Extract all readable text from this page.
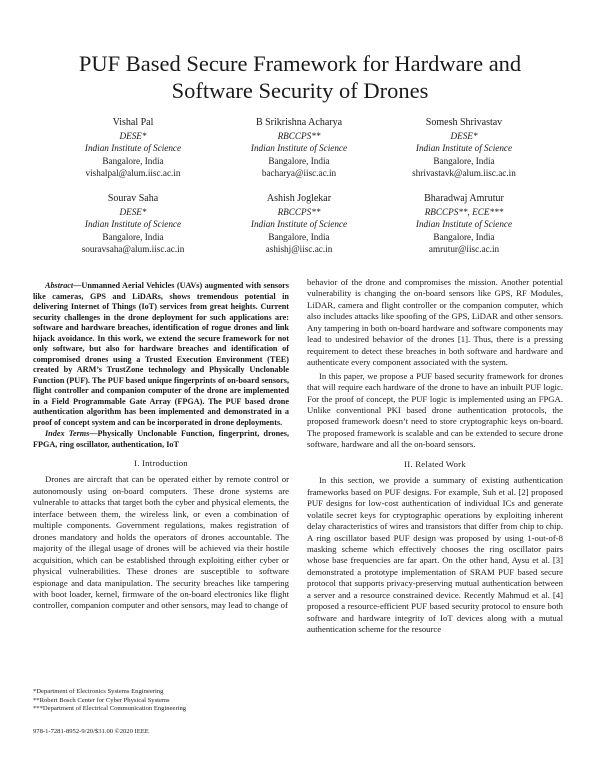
PUF Based Secure Framework for Hardware and
Software Security of Drones
Vishal Pal
DESE*
Indian Institute of Science
Bangalore, India
vishalpal@alum.iisc.ac.in
B Srikrishna Acharya
RBCCPS**
Indian Institute of Science
Bangalore, India
bacharya@iisc.ac.in
Somesh Shrivastav
DESE*
Indian Institute of Science
Bangalore, India
shrivastavk@alum.iisc.ac.in
Sourav Saha
DESE*
Indian Institute of Science
Bangalore, India
souravsaha@alum.iisc.ac.in
Ashish Joglekar
RBCCPS**
Indian Institute of Science
Bangalore, India
ashishj@iisc.ac.in
Bharadwaj Amrutur
RBCCPS**, ECE***
Indian Institute of Science
Bangalore, India
amrutur@iisc.ac.in

Abstract—Unmanned Aerial Vehicles (UAVs) augmented with sensors like cameras, GPS and LiDARs, shows tremendous potential in delivering Internet of Things (IoT) services from great heights. Current security challenges in the drone deployment for such applications are: software and hardware breaches, identification of rogue drones and link hijack avoidance. In this work, we extend the secure framework for not only software, but also for hardware breaches and identification of compromised drones using a Trusted Execution Environment (TEE) created by ARM’s TrustZone technology and Physically Unclonable Function (PUF). The PUF based unique fingerprints of on-board sensors, flight controller and companion computer of the drone are implemented in a Field Programmable Gate Array (FPGA). The PUF based drone authentication algorithm has been implemented and demonstrated in a proof of concept system and can be incorporated in drone deployments.

Index Terms—Physically Unclonable Function, fingerprint, drones, FPGA, ring oscillator, authentication, IoT

I. Introduction

Drones are aircraft that can be operated either by remote control or autonomously using on-board computers. These drone systems are vulnerable to attacks that target both the cyber and physical elements, the interface between them, the wireless link, or even a combination of multiple components. Government regulations, makes registration of drones mandatory and holds the operators of drones accountable. The majority of the illegal usage of drones will be achieved via their hostile acquisition, which can be established through exploiting either cyber or physical vulnerabilities. These drones are susceptible to software espionage and data manipulation. The security breaches like tampering with boot loader, kernel, firmware of the on-board electronics like flight controller, companion computer and other sensors, may lead to change of

behavior of the drone and compromises the mission. Another potential vulnerability is changing the on-board sensors like GPS, RF Modules, LiDAR, camera and flight controller or the companion computer, which also includes attacks like spoofing of the GPS, LiDAR and other sensors. Any tampering in both on-board hardware and software components may lead to undesired behavior of the drones [1]. Thus, there is a pressing requirement to detect these breaches in both software and hardware and authenticate every component associated with the system.

In this paper, we propose a PUF based security framework for drones that will require each hardware of the drone to have an inbuilt PUF logic. For the proof of concept, the PUF logic is implemented using an FPGA. Unlike conventional PKI based drone authentication protocols, the proposed framework doesn’t need to store cryptographic keys on-board. The proposed framework is scalable and can be extended to secure drone software, hardware and all the on-board sensors.

II. Related Work

In this section, we provide a summary of existing authentication frameworks based on PUF designs. For example, Suh et al. [2] proposed PUF designs for low-cost authentication of individual ICs and generate volatile secret keys for cryptographic operations by exploiting inherent delay characteristics of wires and transistors that differ from chip to chip. A ring oscillator based PUF design was proposed by using 1-out-of-8 masking scheme which effectively chooses the ring oscillator pairs whose base frequencies are far apart. On the other hand, Aysu et al. [3] demonstrated a prototype implementation of SRAM PUF based secure protocol that supports privacy-preserving mutual authentication between a server and a resource constrained device. Recently Mahmud et al. [4] proposed a resource-efficient PUF based security protocol to ensure both software and hardware integrity of IoT devices along with a mutual authentication scheme for the resource

*Department of Electronics Systems Engineering
**Robert Bosch Center for Cyber Physical Systems
***Department of Electrical Communication Engineering
978-1-7281-8952-9/20/$31.00 ©2020 IEEE
